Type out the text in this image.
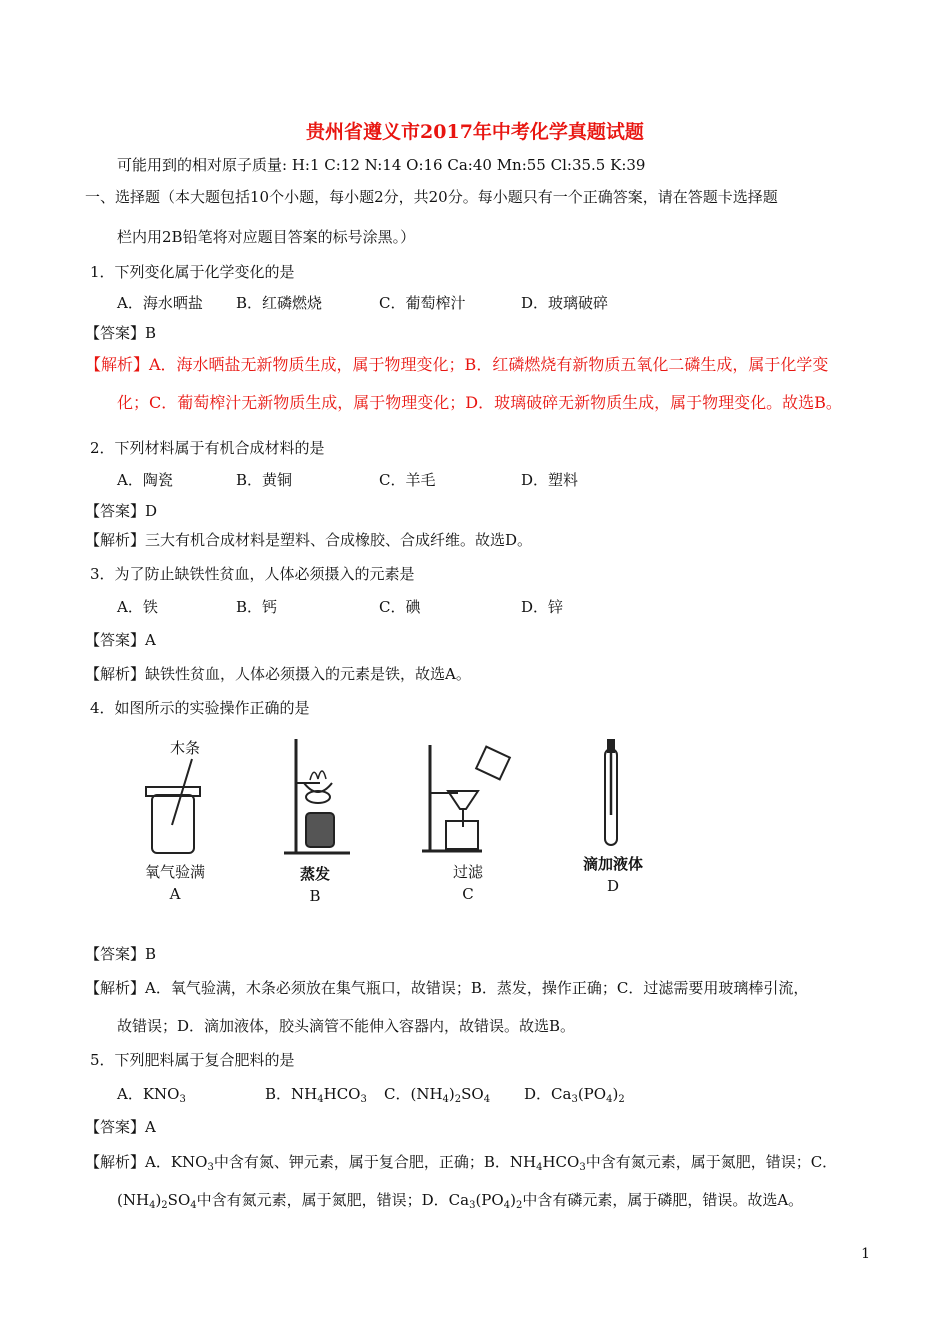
贵州省遵义市2017年中考化学真题试题
可能用到的相对原子质量: H:1 C:12 N:14 O:16 Ca:40 Mn:55 Cl:35.5 K:39
一、选择题（本大题包括10个小题，每小题2分，共20分。每小题只有一个正确答案，请在答题卡选择题
栏内用2B铅笔将对应题目答案的标号涂黑。）
1．下列变化属于化学变化的是
A．海水晒盐 B．红磷燃烧	C．葡萄榨汁	D．玻璃破碎
【答案】B
【解析】A．海水晒盐无新物质生成，属于物理变化；B．红磷燃烧有新物质五氧化二磷生成，属于化学变
化；C．葡萄榨汁无新物质生成，属于物理变化；D．玻璃破碎无新物质生成，属于物理变化。故选B。
2．下列材料属于有机合成材料的是
A．陶瓷	B．黄铜	C．羊毛	D．塑料
【答案】D
【解析】三大有机合成材料是塑料、合成橡胶、合成纤维。故选D。
3．为了防止缺铁性贫血，人体必须摄入的元素是
A．铁	B．钙	C．碘	D．锌
【答案】A
【解析】缺铁性贫血，人体必须摄入的元素是铁，故选A。
4．如图所示的实验操作正确的是
木条
氧气验满
A
蒸发
B
过滤
C
滴加液体
D
【答案】B
【解析】A．氧气验满，木条必须放在集气瓶口，故错误；B．蒸发，操作正确；C．过滤需要用玻璃棒引流，
故错误；D．滴加液体，胶头滴管不能伸入容器内，故错误。故选B。
5．下列肥料属于复合肥料的是
A．$KNO_3$	B．$NH_4HCO_3$ C．$(NH_4)_2SO_4$ D．$Ca_3(PO_4)_2$
【答案】A
【解析】A．$KNO_3$中含有氮、钾元素，属于复合肥，正确；B．$NH_4HCO_3$中含有氮元素，属于氮肥，错误；C．
$(NH_4)_2SO_4$中含有氮元素，属于氮肥，错误；D．$Ca_3(PO_4)_2$中含有磷元素，属于磷肥，错误。故选A。
1
